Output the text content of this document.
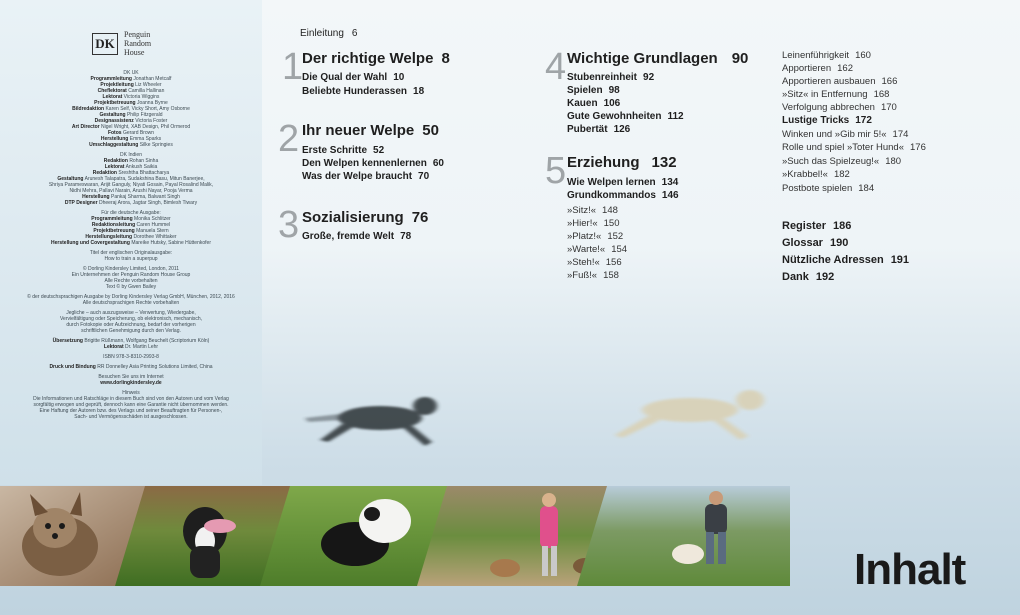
DK
Penguin
Random
House
DK UK
Programmleitung Jonathan Metcalf
Projektleitung Liz Wheeler
Cheflektorat Camilla Hallinan
Lektorat Victoria Wiggins
Projektbetreuung Joanna Byrne
Bildredaktion Karen Self, Vicky Short, Amy Osborne
Gestaltung Philip Fitzgerald
Designassistenz Victoria Foster
Art Director Nigel Wright, XAB Design, Phil Ormerod
Fotos Gerard Brown
Herstellung Emma Sparks
Umschlaggestaltung Silke Springies
DK Indien
Redaktion Rohan Sinha
Lektorat Ankush Saikia
Redaktion Sreshtha Bhattacharya
Gestaltung Arunesh Talapatra, Sudakshina Basu, Mitun Banerjee,
Shriya Parameswaran, Arijit Ganguly, Niyati Gosain, Payal Rosalind Malik,
Nidhi Mehra, Pallavi Narain, Arushi Nayar, Pooja Verma
Herstellung Pankaj Sharma, Balwant Singh
DTP Designer Dheeraj Arora, Jagtar Singh, Bimlesh Tiwary
Für die deutsche Ausgabe:
Programmleitung Monika Schlitzer
Redaktionsleitung Caren Hummel
Projektbetreuung Manuela Stern
Herstellungsleitung Dorothee Whittaker
Herstellung und Covergestaltung Mareike Hutsky, Sabine Hüttenkofer
Titel der englischen Originalausgabe:
How to train a superpup
© Dorling Kindersley Limited, London, 2011
Ein Unternehmen der Penguin Random House Group
Alle Rechte vorbehalten
Text © by Gwen Bailey
© der deutschsprachigen Ausgabe by Dorling Kindersley Verlag GmbH, München, 2012, 2016
Alle deutschsprachigen Rechte vorbehalten
Jegliche – auch auszugsweise – Verwertung, Wiedergabe,
Vervielfältigung oder Speicherung, ob elektronisch, mechanisch,
durch Fotokopie oder Aufzeichnung, bedarf der vorherigen
schriftlichen Genehmigung durch den Verlag.
Übersetzung Brigitte Rüßmann, Wolfgang Beuchelt (Scriptorium Köln)
Lektorat Dr. Martin Lehr
ISBN 978-3-8310-2993-8
Druck und Bindung RR Donnelley Asia Printing Solutions Limited, China
Besuchen Sie uns im Internet
www.dorlingkindersley.de
Hinweis
Die Informationen und Ratschläge in diesem Buch sind von den Autoren und vom Verlag
sorgfältig erwogen und geprüft, dennoch kann eine Garantie nicht übernommen werden.
Eine Haftung der Autoren bzw. des Verlags und seiner Beauftragten für Personen-,
Sach- und Vermögensschäden ist ausgeschlossen.
Einleitung 6
1
Der richtige Welpe 8
Die Qual der Wahl 10
Beliebte Hunderassen 18
2 Ihr neuer Welpe 50
Erste Schritte 52
Den Welpen kennenlernen 60
Was der Welpe braucht 70
3 Sozialisierung 76
Große, fremde Welt 78
4 Wichtige Grundlagen 90
Stubenreinheit 92
Spielen 98
Kauen 106
Gute Gewohnheiten 112
Pubertät 126
5 Erziehung 132
Wie Welpen lernen 134
Grundkommandos 146
»Sitz!« 148
»Hier!« 150
»Platz!« 152
»Warte!« 154
»Steh!« 156
»Fuß!« 158
Leinenführigkeit 160
Apportieren 162
Apportieren ausbauen 166
»Sitz« in Entfernung 168
Verfolgung abbrechen 170
Lustige Tricks 172
Winken und »Gib mir 5!« 174
Rolle und spiel »Toter Hund« 176
»Such das Spielzeug!« 180
»Krabbel!« 182
Postbote spielen 184
Register 186
Glossar 190
Nützliche Adressen 191
Dank 192
Inhalt
